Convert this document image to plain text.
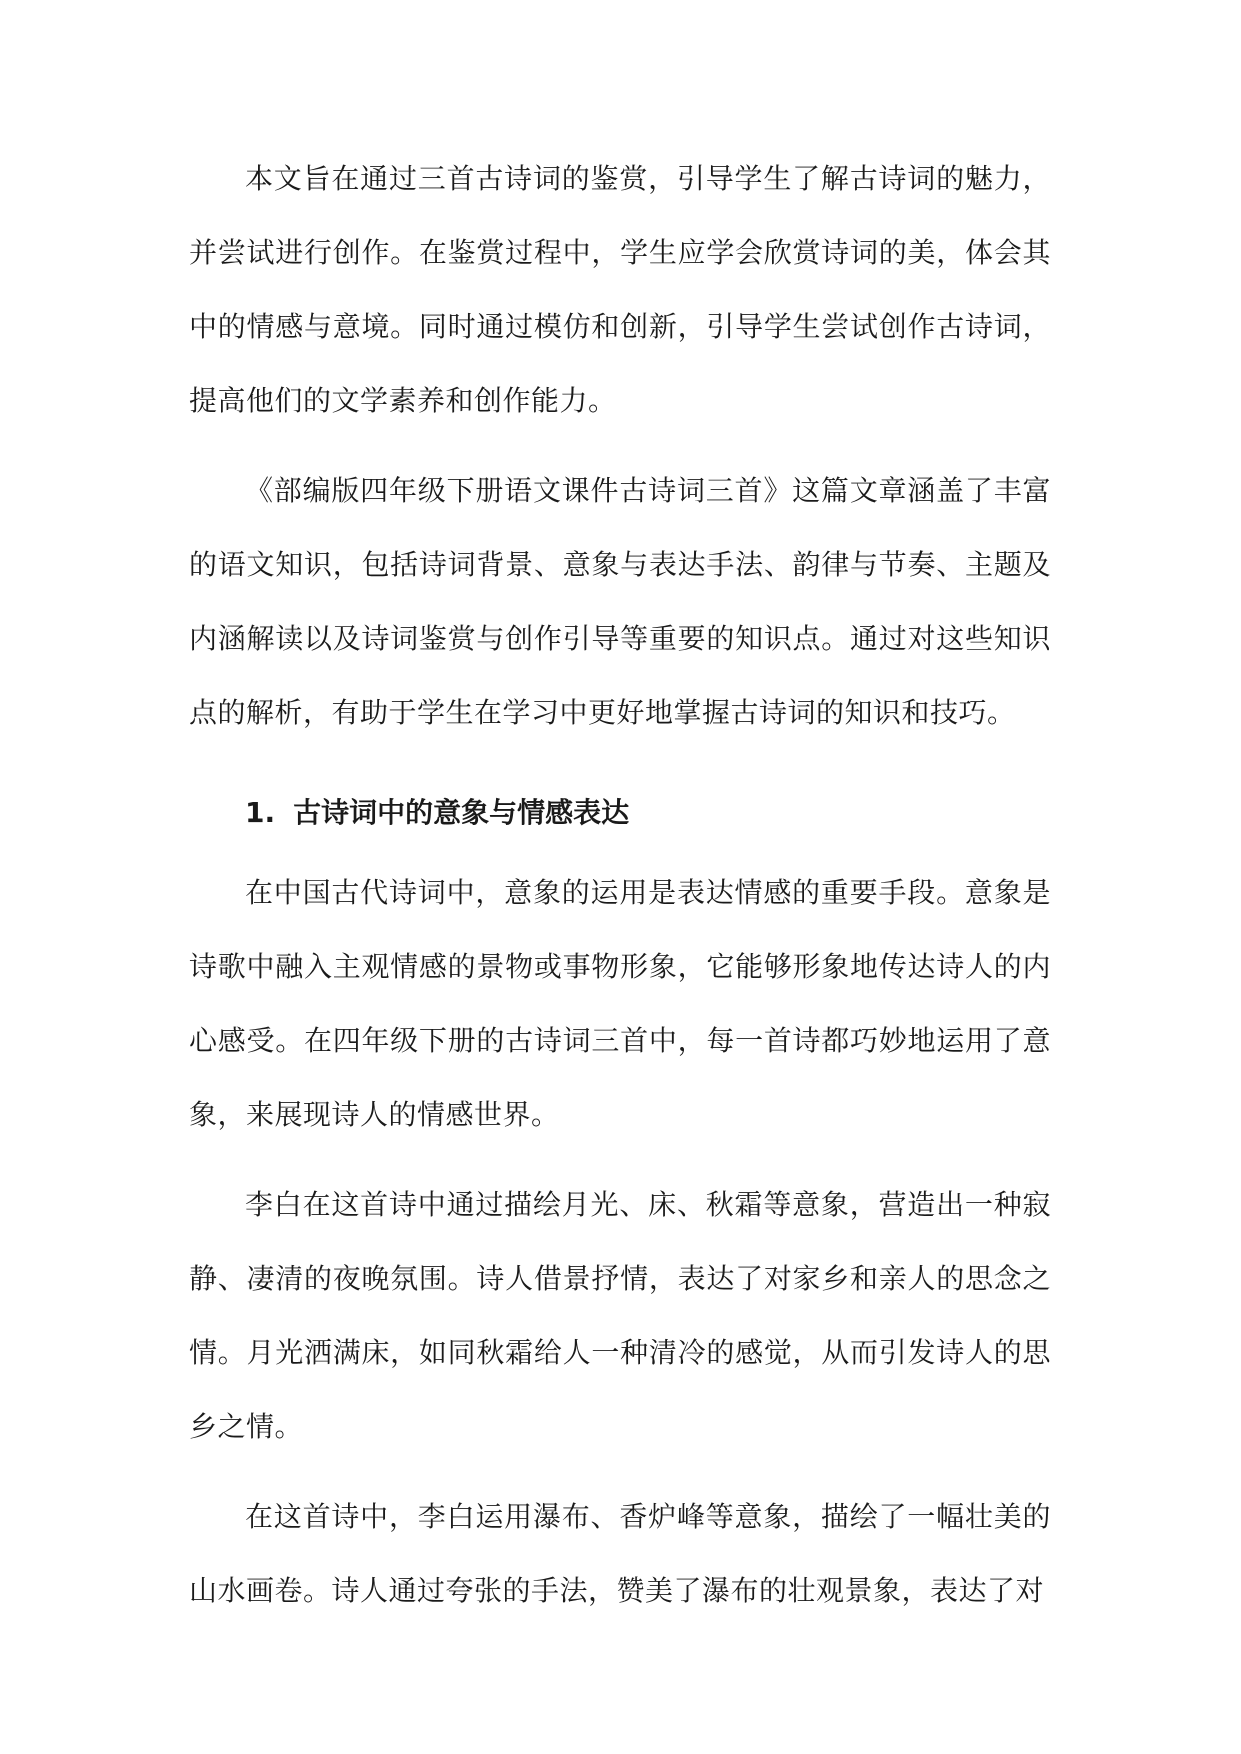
本文旨在通过三首古诗词的鉴赏，引导学生了解古诗词的魅力，并尝试进行创作。在鉴赏过程中，学生应学会欣赏诗词的美，体会其中的情感与意境。同时通过模仿和创新，引导学生尝试创作古诗词，提高他们的文学素养和创作能力。

《部编版四年级下册语文课件古诗词三首》这篇文章涵盖了丰富的语文知识，包括诗词背景、意象与表达手法、韵律与节奏、主题及内涵解读以及诗词鉴赏与创作引导等重要的知识点。通过对这些知识点的解析，有助于学生在学习中更好地掌握古诗词的知识和技巧。

1. 古诗词中的意象与情感表达

在中国古代诗词中，意象的运用是表达情感的重要手段。意象是诗歌中融入主观情感的景物或事物形象，它能够形象地传达诗人的内心感受。在四年级下册的古诗词三首中，每一首诗都巧妙地运用了意象，来展现诗人的情感世界。

李白在这首诗中通过描绘月光、床、秋霜等意象，营造出一种寂静、凄清的夜晚氛围。诗人借景抒情，表达了对家乡和亲人的思念之情。月光洒满床，如同秋霜给人一种清冷的感觉，从而引发诗人的思乡之情。

在这首诗中，李白运用瀑布、香炉峰等意象，描绘了一幅壮美的山水画卷。诗人通过夸张的手法，赞美了瀑布的壮观景象，表达了对
